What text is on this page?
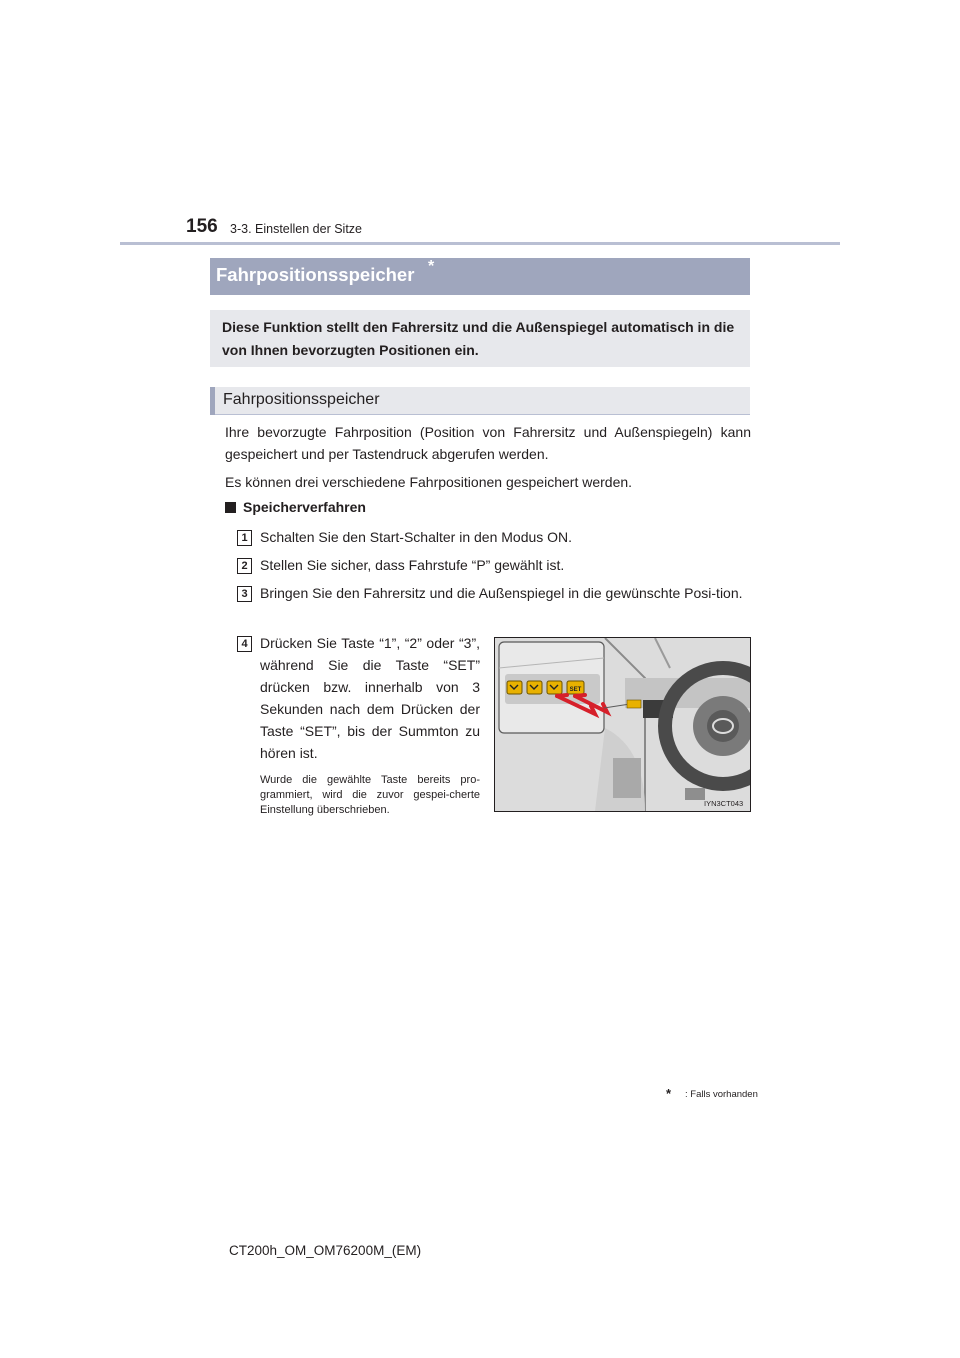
156 3-3. Einstellen der Sitze
Fahrpositionsspeicher *
Diese Funktion stellt den Fahrersitz und die Außenspiegel automatisch in die von Ihnen bevorzugten Positionen ein.
Fahrpositionsspeicher
Ihre bevorzugte Fahrposition (Position von Fahrersitz und Außenspiegeln) kann gespeichert und per Tastendruck abgerufen werden.
Es können drei verschiedene Fahrpositionen gespeichert werden.
Speicherverfahren
1 Schalten Sie den Start-Schalter in den Modus ON.
2 Stellen Sie sicher, dass Fahrstufe “P” gewählt ist.
3 Bringen Sie den Fahrersitz und die Außenspiegel in die gewünschte Posi-tion.
4 Drücken Sie Taste “1”, “2” oder “3”, während Sie die Taste “SET” drücken bzw. innerhalb von 3 Sekunden nach dem Drücken der Taste “SET”, bis der Summton zu hören ist.
Wurde die gewählte Taste bereits pro-grammiert, wird die zuvor gespei-cherte Einstellung überschrieben.
SET
IYN3CT043
* : Falls vorhanden
CT200h_OM_OM76200M_(EM)
